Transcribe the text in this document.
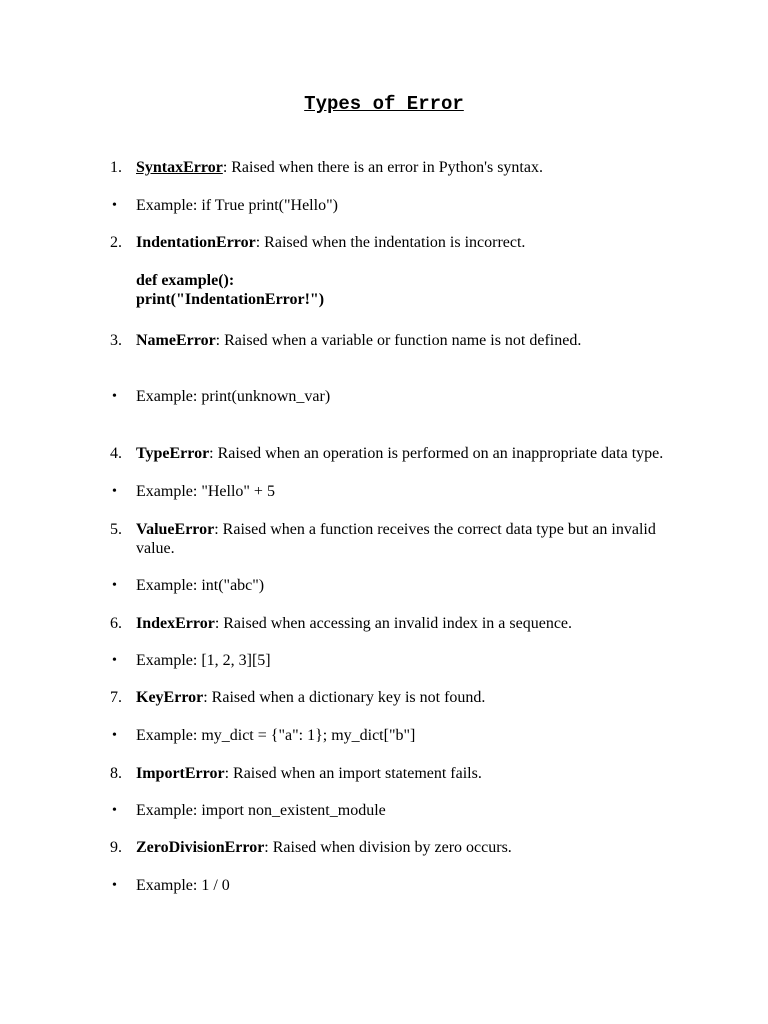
Types of Error
1. SyntaxError: Raised when there is an error in Python's syntax.
•	Example: if True print("Hello")
2. IndentationError: Raised when the indentation is incorrect.
def example():
print("IndentationError!")
3. NameError: Raised when a variable or function name is not defined.
•	Example: print(unknown_var)
4. TypeError: Raised when an operation is performed on an inappropriate data type.
•	Example: "Hello" + 5
5. ValueError: Raised when a function receives the correct data type but an invalid value.
•	Example: int("abc")
6. IndexError: Raised when accessing an invalid index in a sequence.
•	Example: [1, 2, 3][5]
7. KeyError: Raised when a dictionary key is not found.
•	Example: my_dict = {"a": 1}; my_dict["b"]
8. ImportError: Raised when an import statement fails.
•	Example: import non_existent_module
9. ZeroDivisionError: Raised when division by zero occurs.
•	Example: 1 / 0
